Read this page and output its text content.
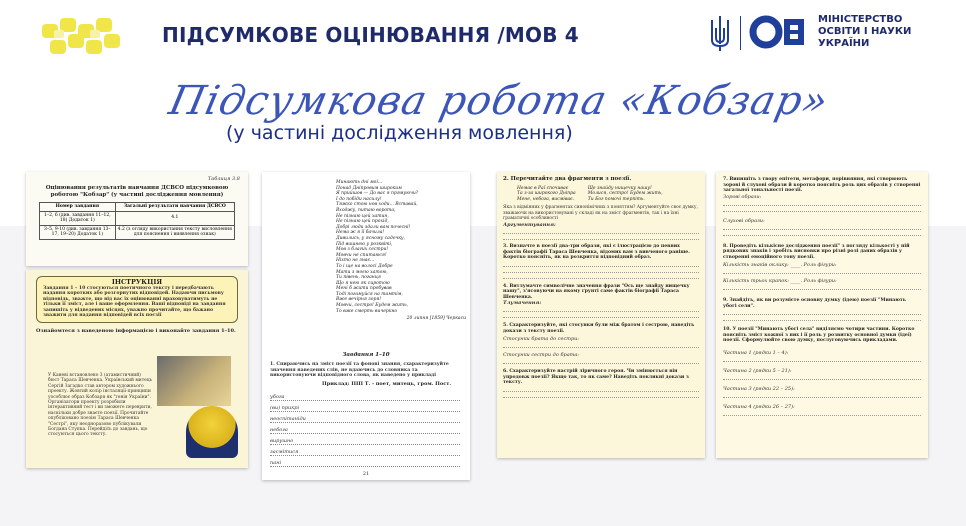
ПІДСУМКОВЕ ОЦІНЮВАННЯ /МОВ 4
МІНІСТЕРСТВО
ОСВІТИ І НАУКИ
УКРАЇНИ
Підсумкова робота «Кобзар»
(у частині дослідження мовлення)
Таблиця 3.8
Оцінювання результатів навчання ДСВСО підсумковою роботою "Кобзар" (у частині дослідження мовлення)
Номер завдання	Загальні результати навчання ДСВСО
1–2, 6 (див. завдання 11–12, 18) Додаток 1)	4.1
3–5, 9-10 (див. завдання 13–17, 19–20) Додаток 1)	4.2 (з огляду використання тексту висловлення для пояснення і виявлення ознак)
ІНСТРУКЦІЯ
Завдання 1 – 10 стосуються поетичного тексту і передбачають надання коротких або розгорнутих відповідей. Надаючи письмову відповідь, зважте, що від вас їх оцінюванні враховуватимуть не тільки її зміст, але і ваше оформлення. Ваші відповіді на завдання запишіть у відведених місцях, уважно прочитайте, що бажано зважити для надання відповідей всіх поєзії
Ознайомтеся з наведеною інформацією і виконайте завдання 1–10.
У Каневі встановлено 3 (атамистичний) бюст Тараса Шевченка. Український митець Сергій Загадко став автором художнього проекту. Жовтий колір інсталяції-принципи уособлює образ Кобзаря як "генія України". Організатори проекту розробили інтерактивний тест і ви зможете переврити, наскільки добре знаєте поезії. Прочитайте опубліковано поезію Тараса Шевченка "Сестрі", яку неодноразово публікували Богдана Ступка. Перейдіть до завдань, що стосуються цього тексту.
Минають дні мої...
Понад Дніпровим широким
Я прийшов — До вас я прямуючи?
І до побіди насилу!
Тяжко стою нов ходи... Вставай,
Входжу, питаю ворота,
Не пізнаю цей хатин,
Не пізнаю цей прохід,
Добрі люди здали вам почесні!
Нема ж я її бачила!
Дивились, у ясному садочку,
Під вишнею у розквіті,
Мов з благих сестри!
Мовчи не спитаюся!
Ніхто не знає...
То і ще на волосі Добре
Мати з моєю хатою,
Ти півень, поганця
Що я нею як сиротою
Мені б жити пробував
Тоді погамуйся на тамтім,
Вже вечірня зоря!
Мовчи, сестро! Будем жить,
То вже смерть вичеркно
20 липня [1859] Черкаси
Завдання 1–10
1. Спираючись на зміст поезії та фонові знання, схарактеризуйте значення наведених слів, не вдаючись до словника та використовуючи відповідного слова, як наведено у прикладі
Приклад: ПІП Т. - поет, митець, гром. Пост.
убога
(ви) прикрі
неоспітаніди
небога
вирушно
засмітися
пані
21
2. Перечитайте два фрагменти з поезії.
Немає в Раї спочиває
Та з-за широкого Дніпра
Мене, небога, висміває.
Ще знайду нищечку нашу!
Молися, сестро! Будем жить,
Ти Бог помочі терпіть.
Яка з відмінних у фрагментах синонімічних з поняттям? Аргументуйте своє думку, зважаючи на використовувані у складі як на зміст фрагментів, так і на їхні граматичні особливості
Аргументування:
3. Визначте в поезії два-три образи, які є ілюстрацією до певних фактів біографії Тараса Шевченка, відомих вам з вивченого раніше. Коротко поясніть, як на розкриття відповідний образ.
4. Витлумачте символічне значення фрази "Ось ще знайду нищечку нашу", з'ясовуючи на якому ґрунті саме фактів біографії Тараса Шевченка.
Тлумачення:
5. Схарактеризуйте, які стосунки були між братом і сестрою, наведіть докази з тексту поезії.
Стосунки брата до сестри:
Стосунки сестри до брата:
6. Схарактеризуйте настрій ліричного героя. Чи змінюється він упродовж поезії? Якщо так, то як саме? Наведіть покликні докази з тексту.
7. Випишіть з твору епітети, метафори, порівняння, які створюють зорові й слухові образи й коротко поясніть роль цих образів у створенні загальної тональності поезії.
Зорові образи:
Слухові образи:
8. Проведіть кількісне дослідження поезії" з погляду кількості у ній рядкових знаків і зробіть висновки про різні ролі даних образів у створенні емоційного тону поезії.
Кількість знаків оклику: ____. Роль фігури:
Кількість трьох крапок: ____. Роль фігури:
9. Знайдіть, як ви розумієте основну думку (ідею) поезії "Минають убогі сели".
10. У поезії "Минають убогі села" виділяємо чотири частини. Коротко поясніть зміст кожної з них і її роль у розвитку основної думки (ідеї) поезії. Сформулюйте свою думку, послуговуючись прикладами.
Частина 1 (рядки 1 – 4):
Частина 2 (рядки 5 – 21):
Частина 3 (рядки 22 – 25):
Частина 4 (рядки 26 – 27):
